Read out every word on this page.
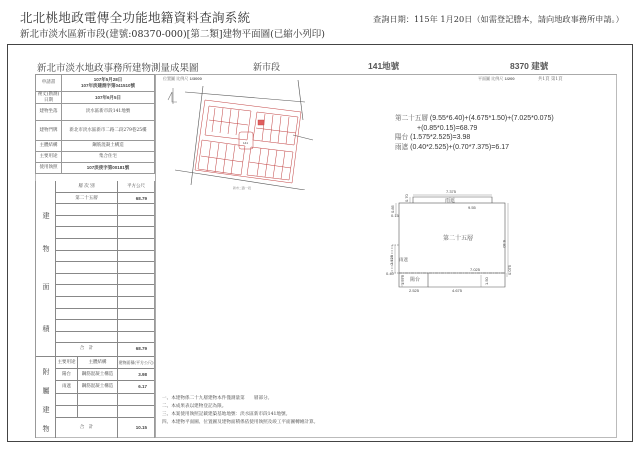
北北桃地政電傳全功能地籍資料查詢系統
新北市淡水區新市段(建號:08370-000)[第二類]建物平面圖(已縮小列印)
查詢日期：115年 1月20日（如需登記謄本，請向地政事務所申請。）
新北市淡水地政事務所建物測量成果圖	新市段	141地號	8370 建號
申請書	107年5月28日
107年淡建測字第041510號

複丈(勘測)日期	107年6月5日
建物坐落	淡水區新市段141地號
建物門牌	新北市淡水區新市二路二段279巷25樓
主體結構	鋼筋混凝土構造
主要用途	集合住宅
使用執照	107淡使字第00181號
建
物
面
積
層 次 別	平方公尺
第二十五層	68.79
合　計	68.79
附
屬
建
物
主要用途	主體結構	建物面積(平方公尺)
陽台	鋼筋混凝土構造	3.98
雨遮	鋼筋混凝土構造	6.17
合　計	10.15
位置圖 比例尺 1/3000
141
新市二路一段
平面圖 比例尺 1/200	共1頁 第1頁
第二十五層 (9.55*6.40)+(4.675*1.50)+(7.025*0.075)
+(0.85*0.15)=68.79
陽台 (1.575*2.525)=3.98
雨遮 (0.40*2.525)+(0.70*7.375)=6.17
7.375
0.70	雨遮
9.55
0.15
0.85
第二十五層
6.40
2.525 雨遮
0.40
7.025	0.075
1.575 陽台	1.50
2.525	4.675
一、本建物係二十九層建物本件僅測量第　　層部分。
二、本成果表以建物登記為限。
三、本案使用執照記載建築基地地號：淡水區新市段141地號。
四、本建物平面圖、位置圖及建物面積係依使用執照及竣工平面圖轉繪計算。
